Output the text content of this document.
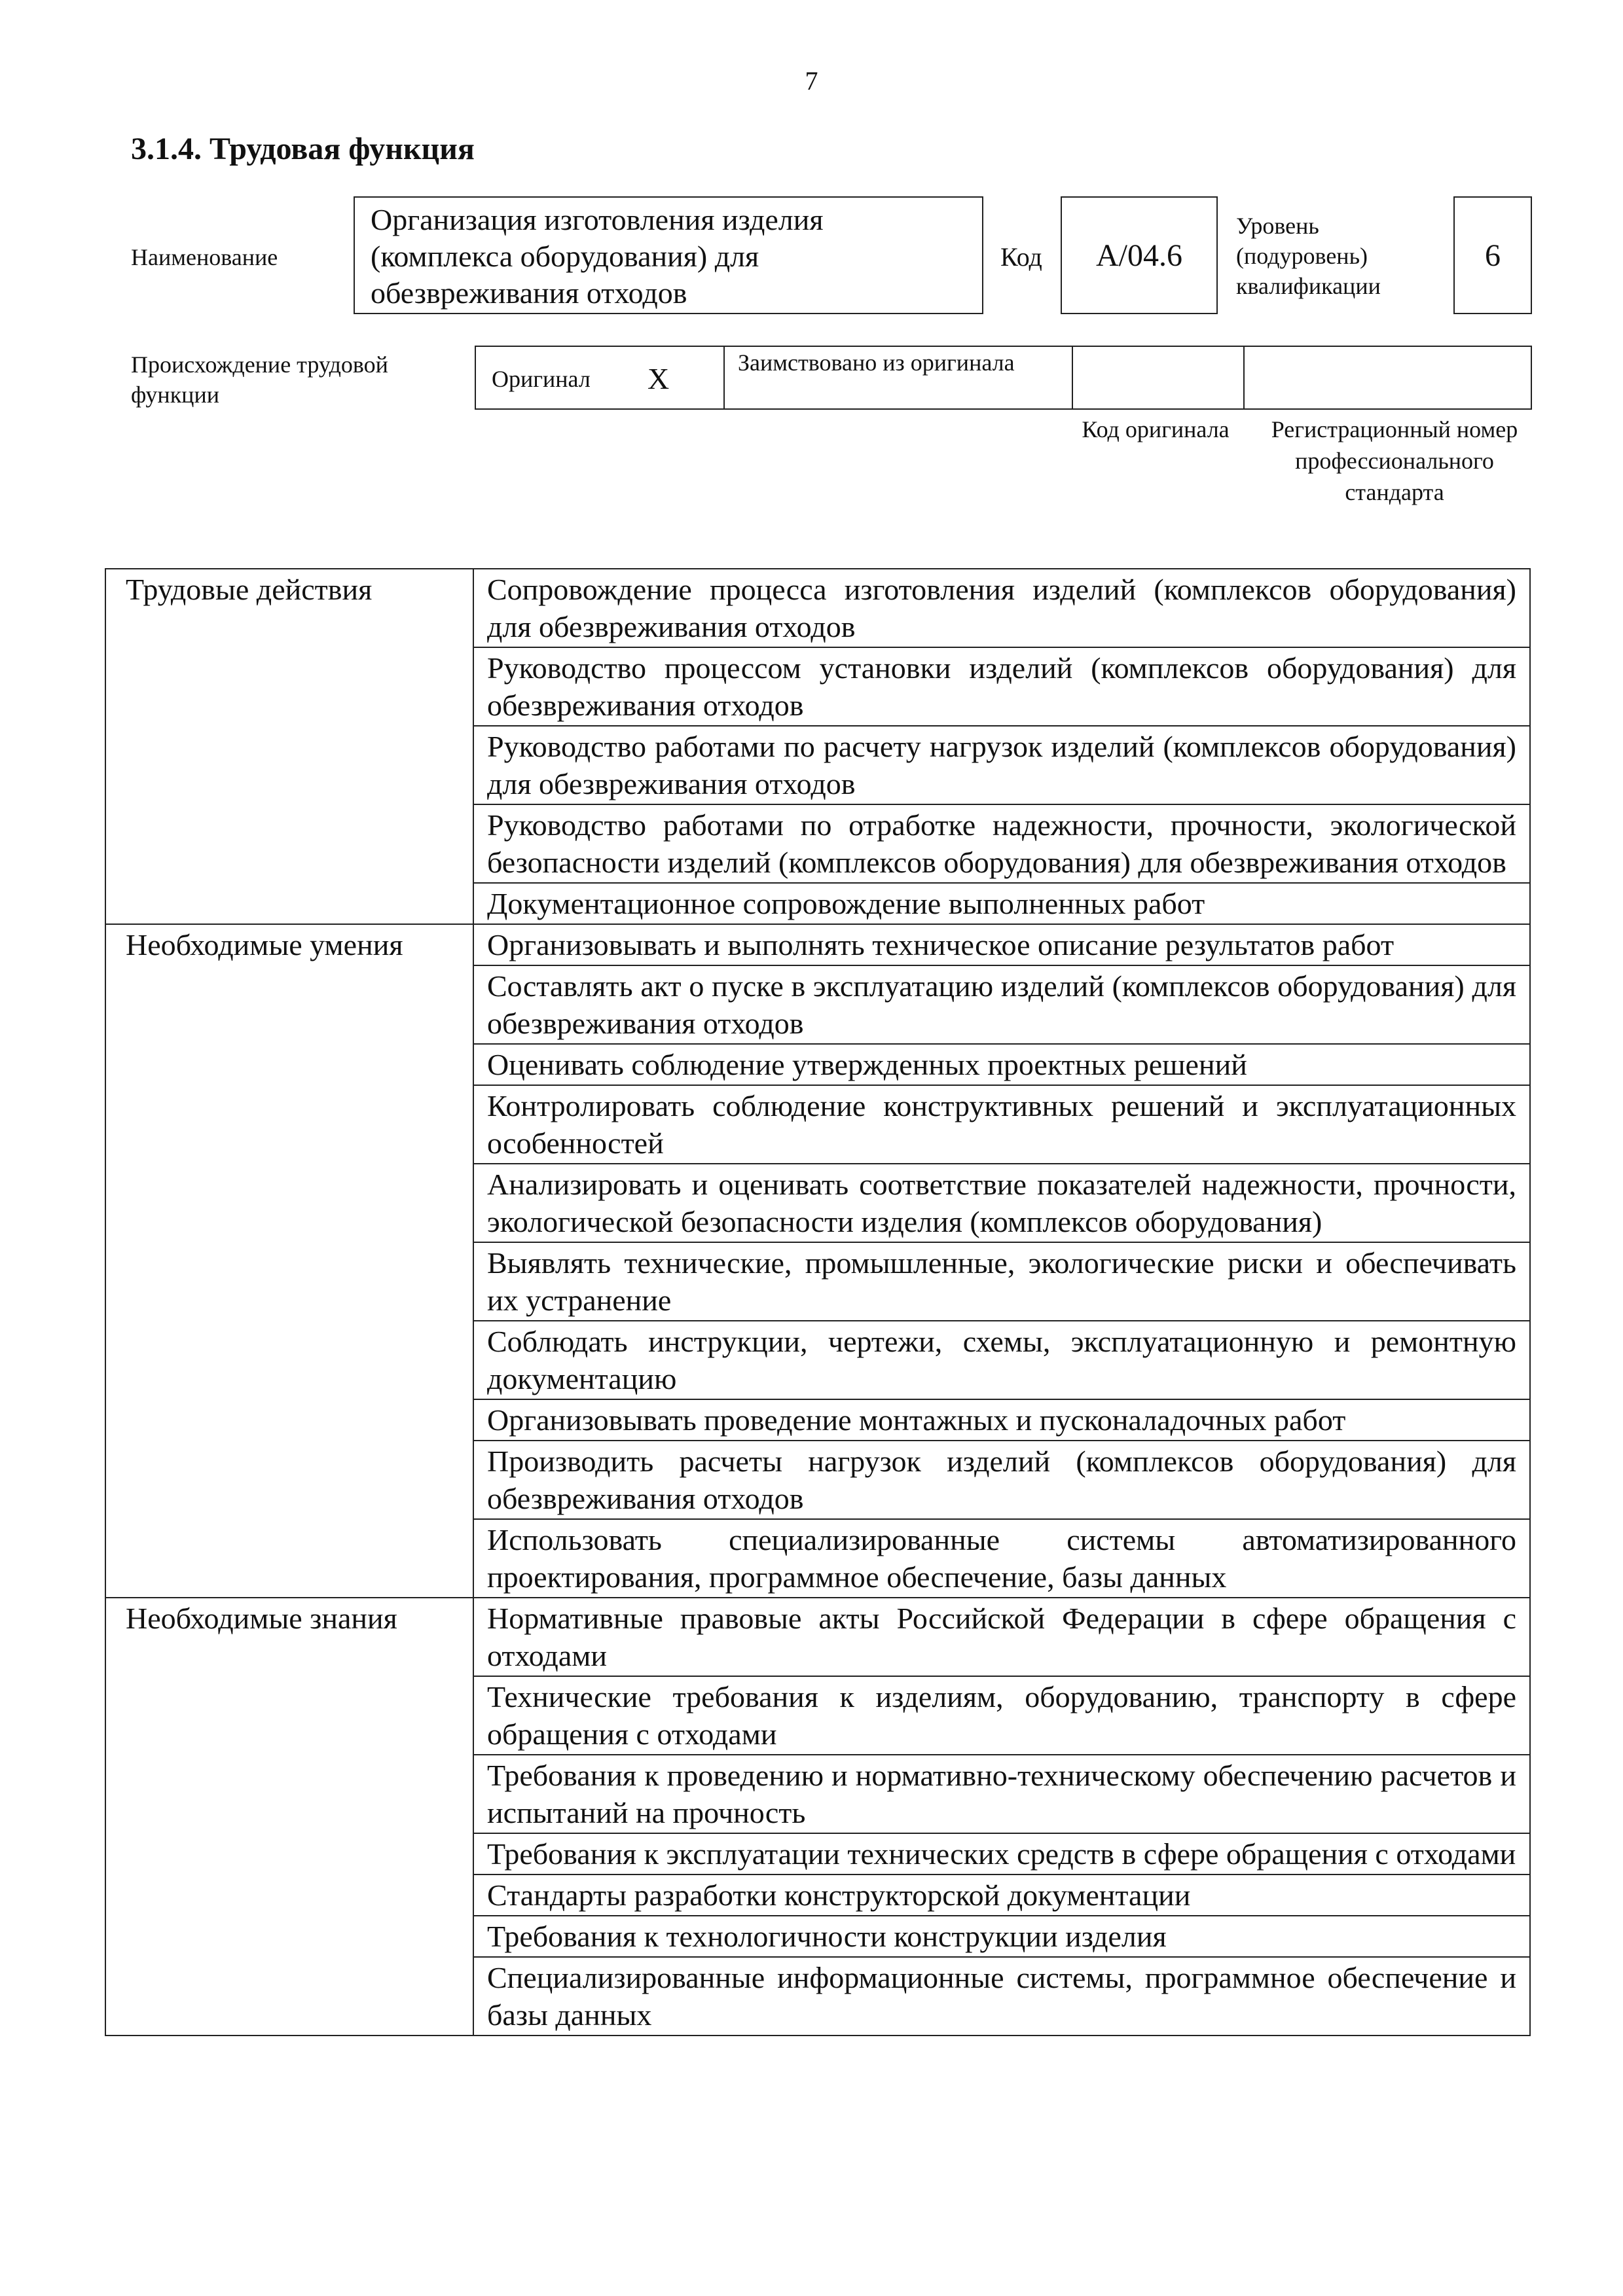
7
3.1.4. Трудовая функция
Наименование
Организация изготовления изделия (комплекса оборудования) для обезвреживания отходов
Код	А/04.6
Уровень (подуровень) квалификации
6
Происхождение трудовой функции
Оригинал X	Заимствовано из оригинала
Код оригинала	Регистрационный номер профессионального стандарта
Трудовые действия	Сопровождение процесса изготовления изделий (комплексов оборудования) для обезвреживания отходов
	Руководство процессом установки изделий (комплексов оборудования) для обезвреживания отходов
	Руководство работами по расчету нагрузок изделий (комплексов оборудования) для обезвреживания отходов
	Руководство работами по отработке надежности, прочности, экологической безопасности изделий (комплексов оборудования) для обезвреживания отходов
	Документационное сопровождение выполненных работ
Необходимые умения	Организовывать и выполнять техническое описание результатов работ
	Составлять акт о пуске в эксплуатацию изделий (комплексов оборудования) для обезвреживания отходов
	Оценивать соблюдение утвержденных проектных решений
	Контролировать соблюдение конструктивных решений и эксплуатационных особенностей
	Анализировать и оценивать соответствие показателей надежности, прочности, экологической безопасности изделия (комплексов оборудования)
	Выявлять технические, промышленные, экологические риски и обеспечивать их устранение
	Соблюдать инструкции, чертежи, схемы, эксплуатационную и ремонтную документацию
	Организовывать проведение монтажных и пусконаладочных работ
	Производить расчеты нагрузок изделий (комплексов оборудования) для обезвреживания отходов
	Использовать специализированные системы автоматизированного проектирования, программное обеспечение, базы данных
Необходимые знания	Нормативные правовые акты Российской Федерации в сфере обращения с отходами
	Технические требования к изделиям, оборудованию, транспорту в сфере обращения с отходами
	Требования к проведению и нормативно-техническому обеспечению расчетов и испытаний на прочность
	Требования к эксплуатации технических средств в сфере обращения с отходами
	Стандарты разработки конструкторской документации
	Требования к технологичности конструкции изделия
	Специализированные информационные системы, программное обеспечение и базы данных
